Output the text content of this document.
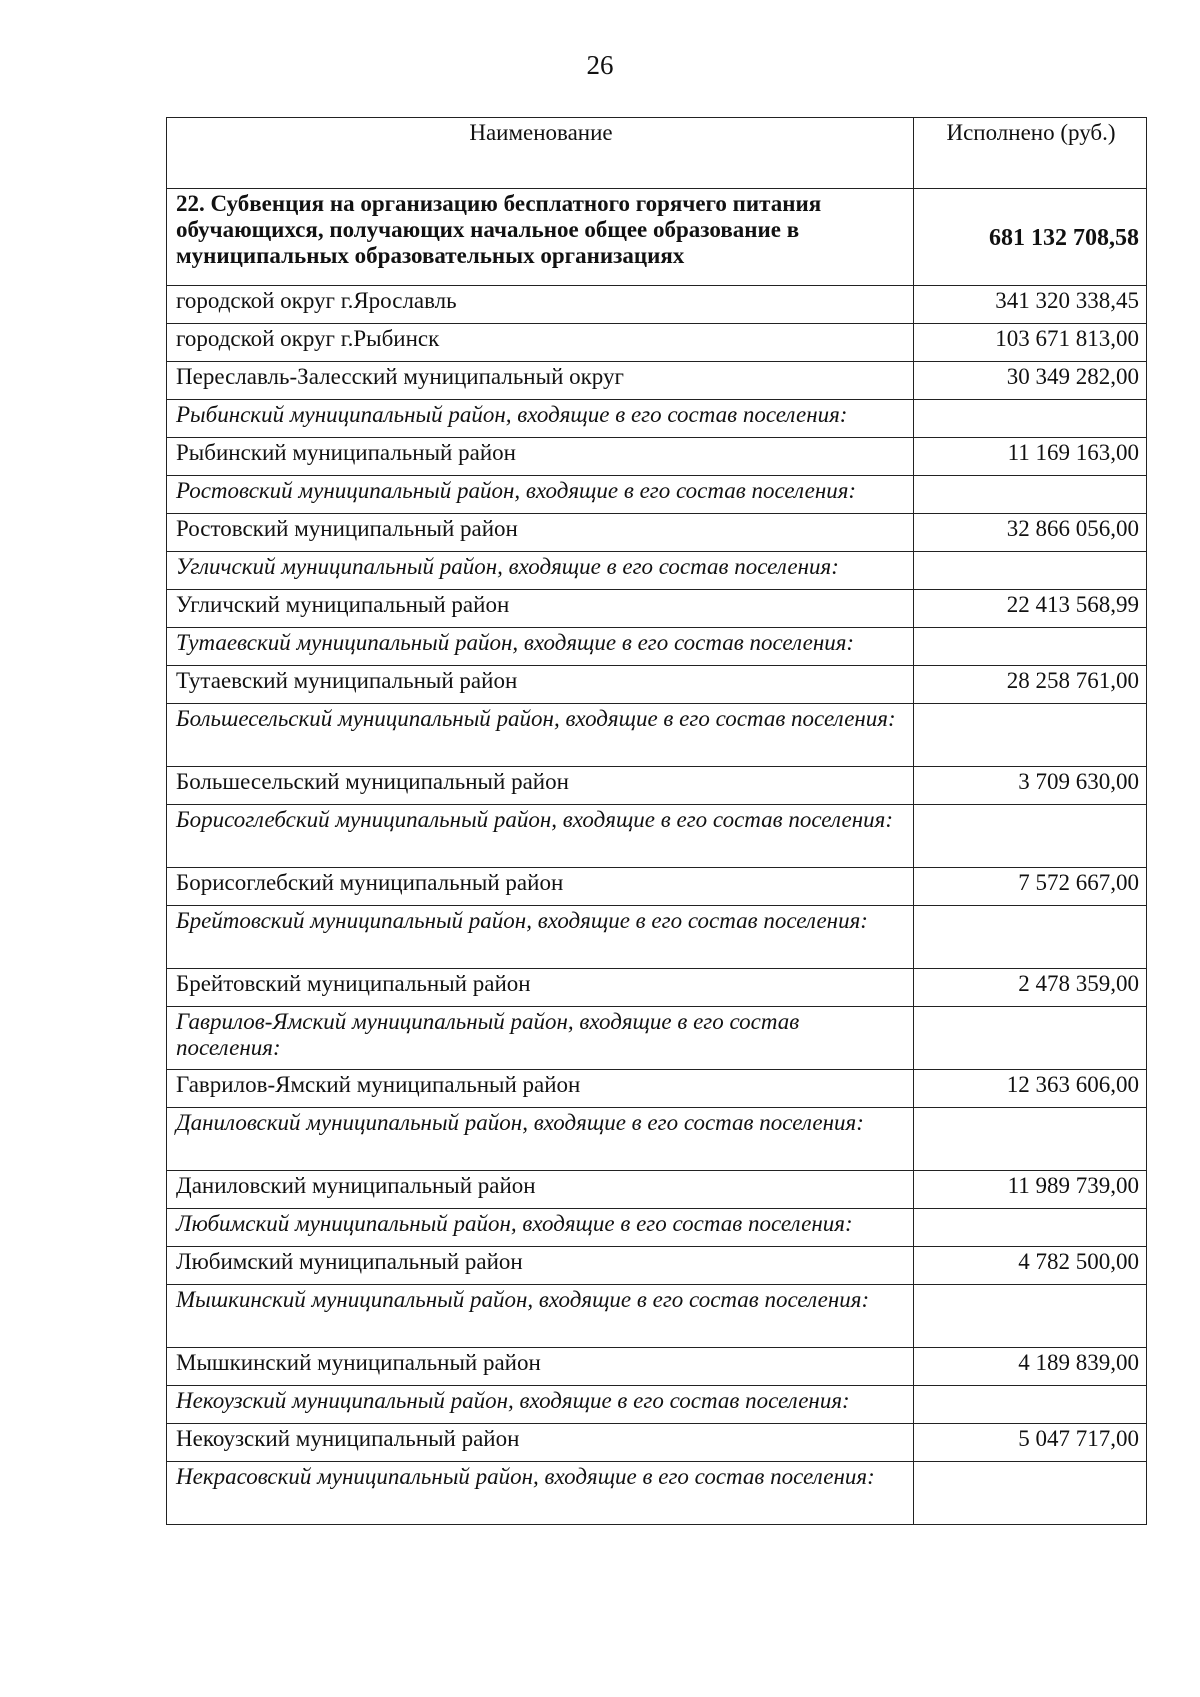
26
Наименование	Исполнено (руб.)
22. Субвенция на организацию бесплатного горячего питания обучающихся, получающих начальное общее образование в муниципальных образовательных организациях	681 132 708,58
городской округ г.Ярославль	341 320 338,45
городской округ г.Рыбинск	103 671 813,00
Переславль-Залесский муниципальный округ	30 349 282,00
Рыбинский муниципальный район, входящие в его состав поселения:	
Рыбинский муниципальный район	11 169 163,00
Ростовский муниципальный район, входящие в его состав поселения:	
Ростовский муниципальный район	32 866 056,00
Угличский муниципальный район, входящие в его состав поселения:	
Угличский муниципальный район	22 413 568,99
Тутаевский муниципальный район, входящие в его состав поселения:	
Тутаевский муниципальный район	28 258 761,00
Большесельский муниципальный район, входящие в его состав поселения:	
Большесельский муниципальный район	3 709 630,00
Борисоглебский муниципальный район, входящие в его состав поселения:	
Борисоглебский муниципальный район	7 572 667,00
Брейтовский муниципальный район, входящие в его состав поселения:	
Брейтовский муниципальный район	2 478 359,00
Гаврилов-Ямский муниципальный район, входящие в его состав поселения:	
Гаврилов-Ямский муниципальный район	12 363 606,00
Даниловский муниципальный район, входящие в его состав поселения:	
Даниловский муниципальный район	11 989 739,00
Любимский муниципальный район, входящие в его состав поселения:	
Любимский муниципальный район	4 782 500,00
Мышкинский муниципальный район, входящие в его состав поселения:	
Мышкинский муниципальный район	4 189 839,00
Некоузский муниципальный район, входящие в его состав поселения:	
Некоузский муниципальный район	5 047 717,00
Некрасовский муниципальный район, входящие в его состав поселения:	
